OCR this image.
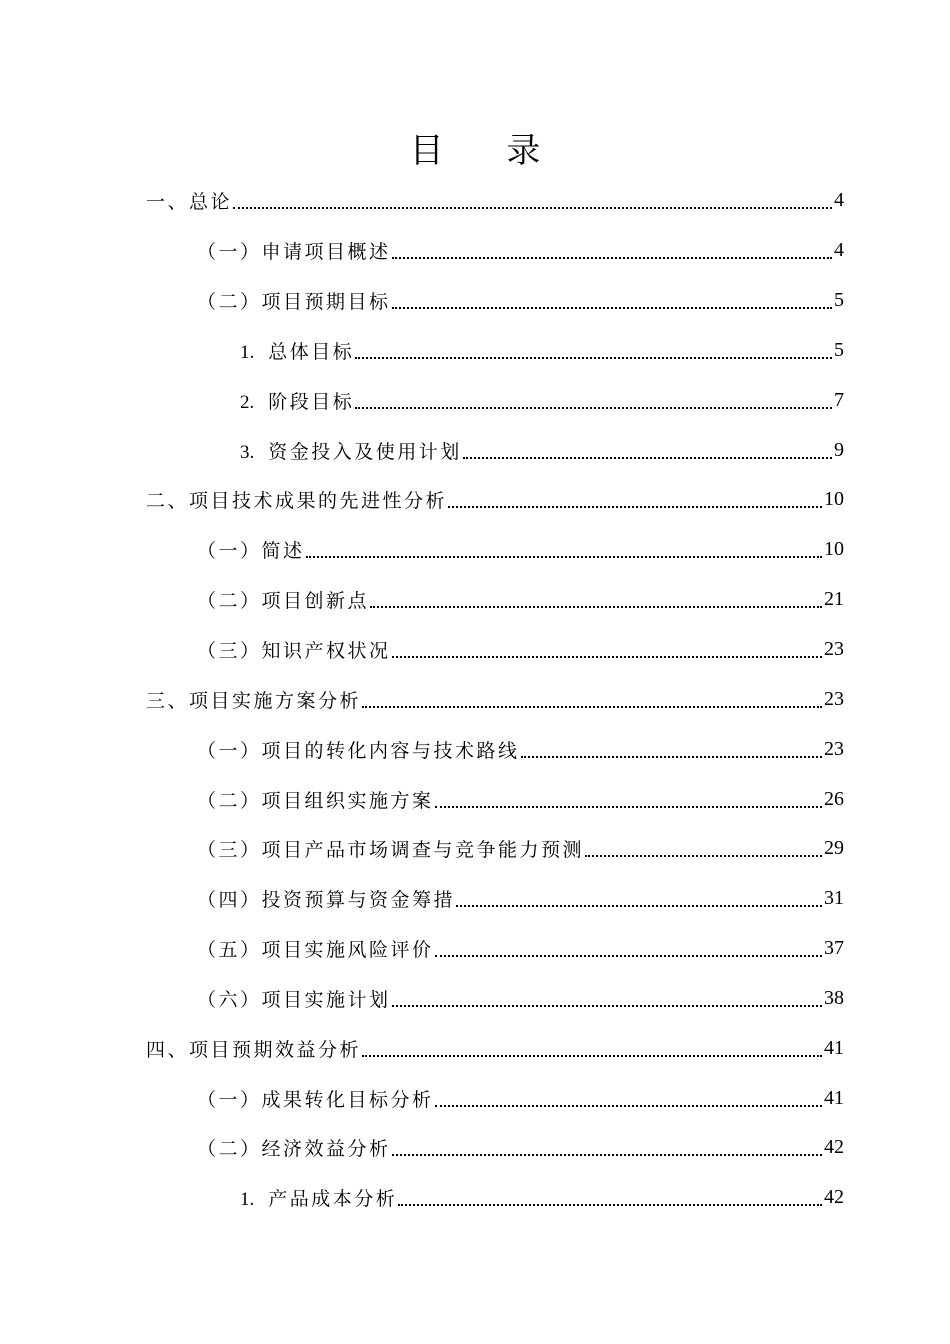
目 录
一、总论	4
（一）申请项目概述	4
（二）项目预期目标	5
1. 总体目标	5
2. 阶段目标	7
3. 资金投入及使用计划	9
二、项目技术成果的先进性分析	10
（一）简述	10
（二）项目创新点	21
（三）知识产权状况	23
三、项目实施方案分析	23
（一）项目的转化内容与技术路线	23
（二）项目组织实施方案	26
（三）项目产品市场调查与竞争能力预测	29
（四）投资预算与资金筹措	31
（五）项目实施风险评价	37
（六）项目实施计划	38
四、项目预期效益分析	41
（一）成果转化目标分析	41
（二）经济效益分析	42
1. 产品成本分析	42
